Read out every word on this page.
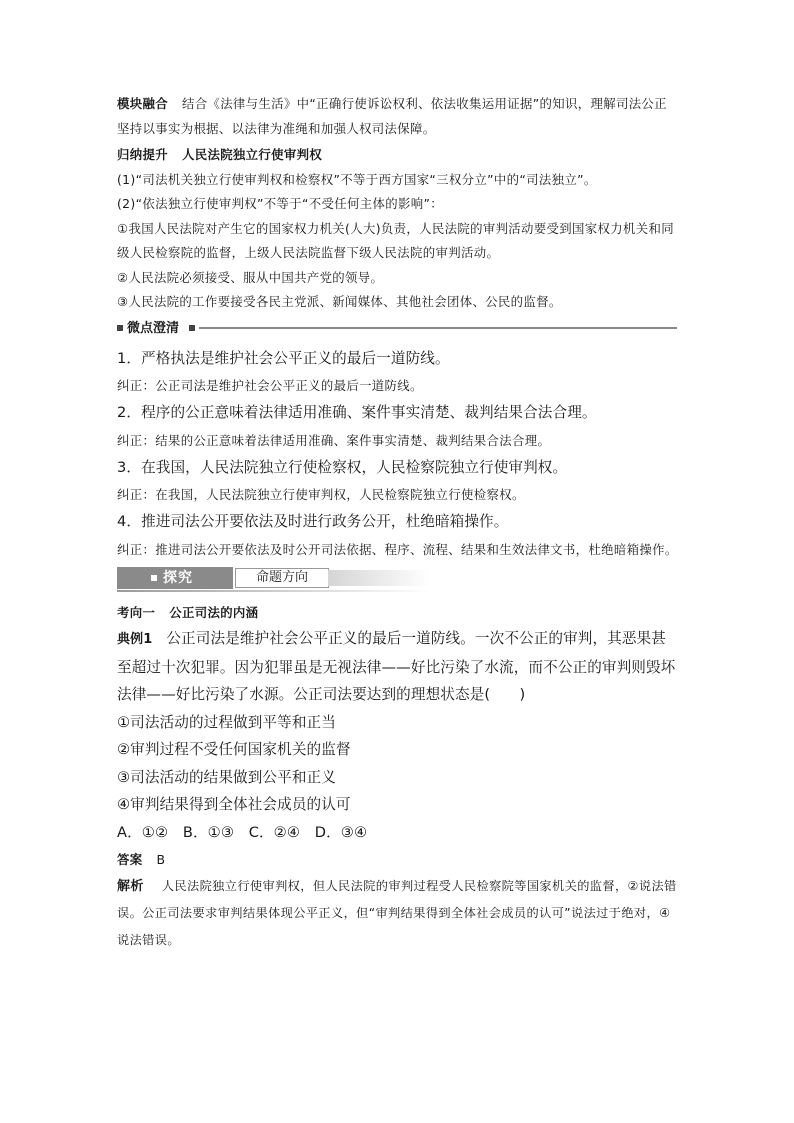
模块融合 结合《法律与生活》中“正确行使诉讼权利、依法收集运用证据”的知识，理解司法公正坚持以事实为根据、以法律为准绳和加强人权司法保障。

归纳提升 人民法院独立行使审判权

(1)“司法机关独立行使审判权和检察权”不等于西方国家“三权分立”中的“司法独立”。

(2)“依法独立行使审判权”不等于“不受任何主体的影响”：

①我国人民法院对产生它的国家权力机关(人大)负责，人民法院的审判活动要受到国家权力机关和同级人民检察院的监督，上级人民法院监督下级人民法院的审判活动。

②人民法院必须接受、服从中国共产党的领导。

③人民法院的工作要接受各民主党派、新闻媒体、其他社会团体、公民的监督。

微点澄清

1．严格执法是维护社会公平正义的最后一道防线。

纠正：公正司法是维护社会公平正义的最后一道防线。

2．程序的公正意味着法律适用准确、案件事实清楚、裁判结果合法合理。

纠正：结果的公正意味着法律适用准确、案件事实清楚、裁判结果合法合理。

3．在我国，人民法院独立行使检察权，人民检察院独立行使审判权。

纠正：在我国，人民法院独立行使审判权，人民检察院独立行使检察权。

4．推进司法公开要依法及时进行政务公开，杜绝暗箱操作。

纠正：推进司法公开要依法及时公开司法依据、程序、流程、结果和生效法律文书，杜绝暗箱操作。

探究	命题方向

考向一 公正司法的内涵

典例1 公正司法是维护社会公平正义的最后一道防线。一次不公正的审判，其恶果甚至超过十次犯罪。因为犯罪虽是无视法律——好比污染了水流，而不公正的审判则毁坏法律——好比污染了水源。公正司法要达到的理想状态是(　　)

①司法活动的过程做到平等和正当

②审判过程不受任何国家机关的监督

③司法活动的结果做到公平和正义

④审判结果得到全体社会成员的认可

A．①②　B．①③　C．②④　D．③④

答案 B

解析 人民法院独立行使审判权，但人民法院的审判过程受人民检察院等国家机关的监督，②说法错误。公正司法要求审判结果体现公平正义，但“审判结果得到全体社会成员的认可”说法过于绝对，④说法错误。
